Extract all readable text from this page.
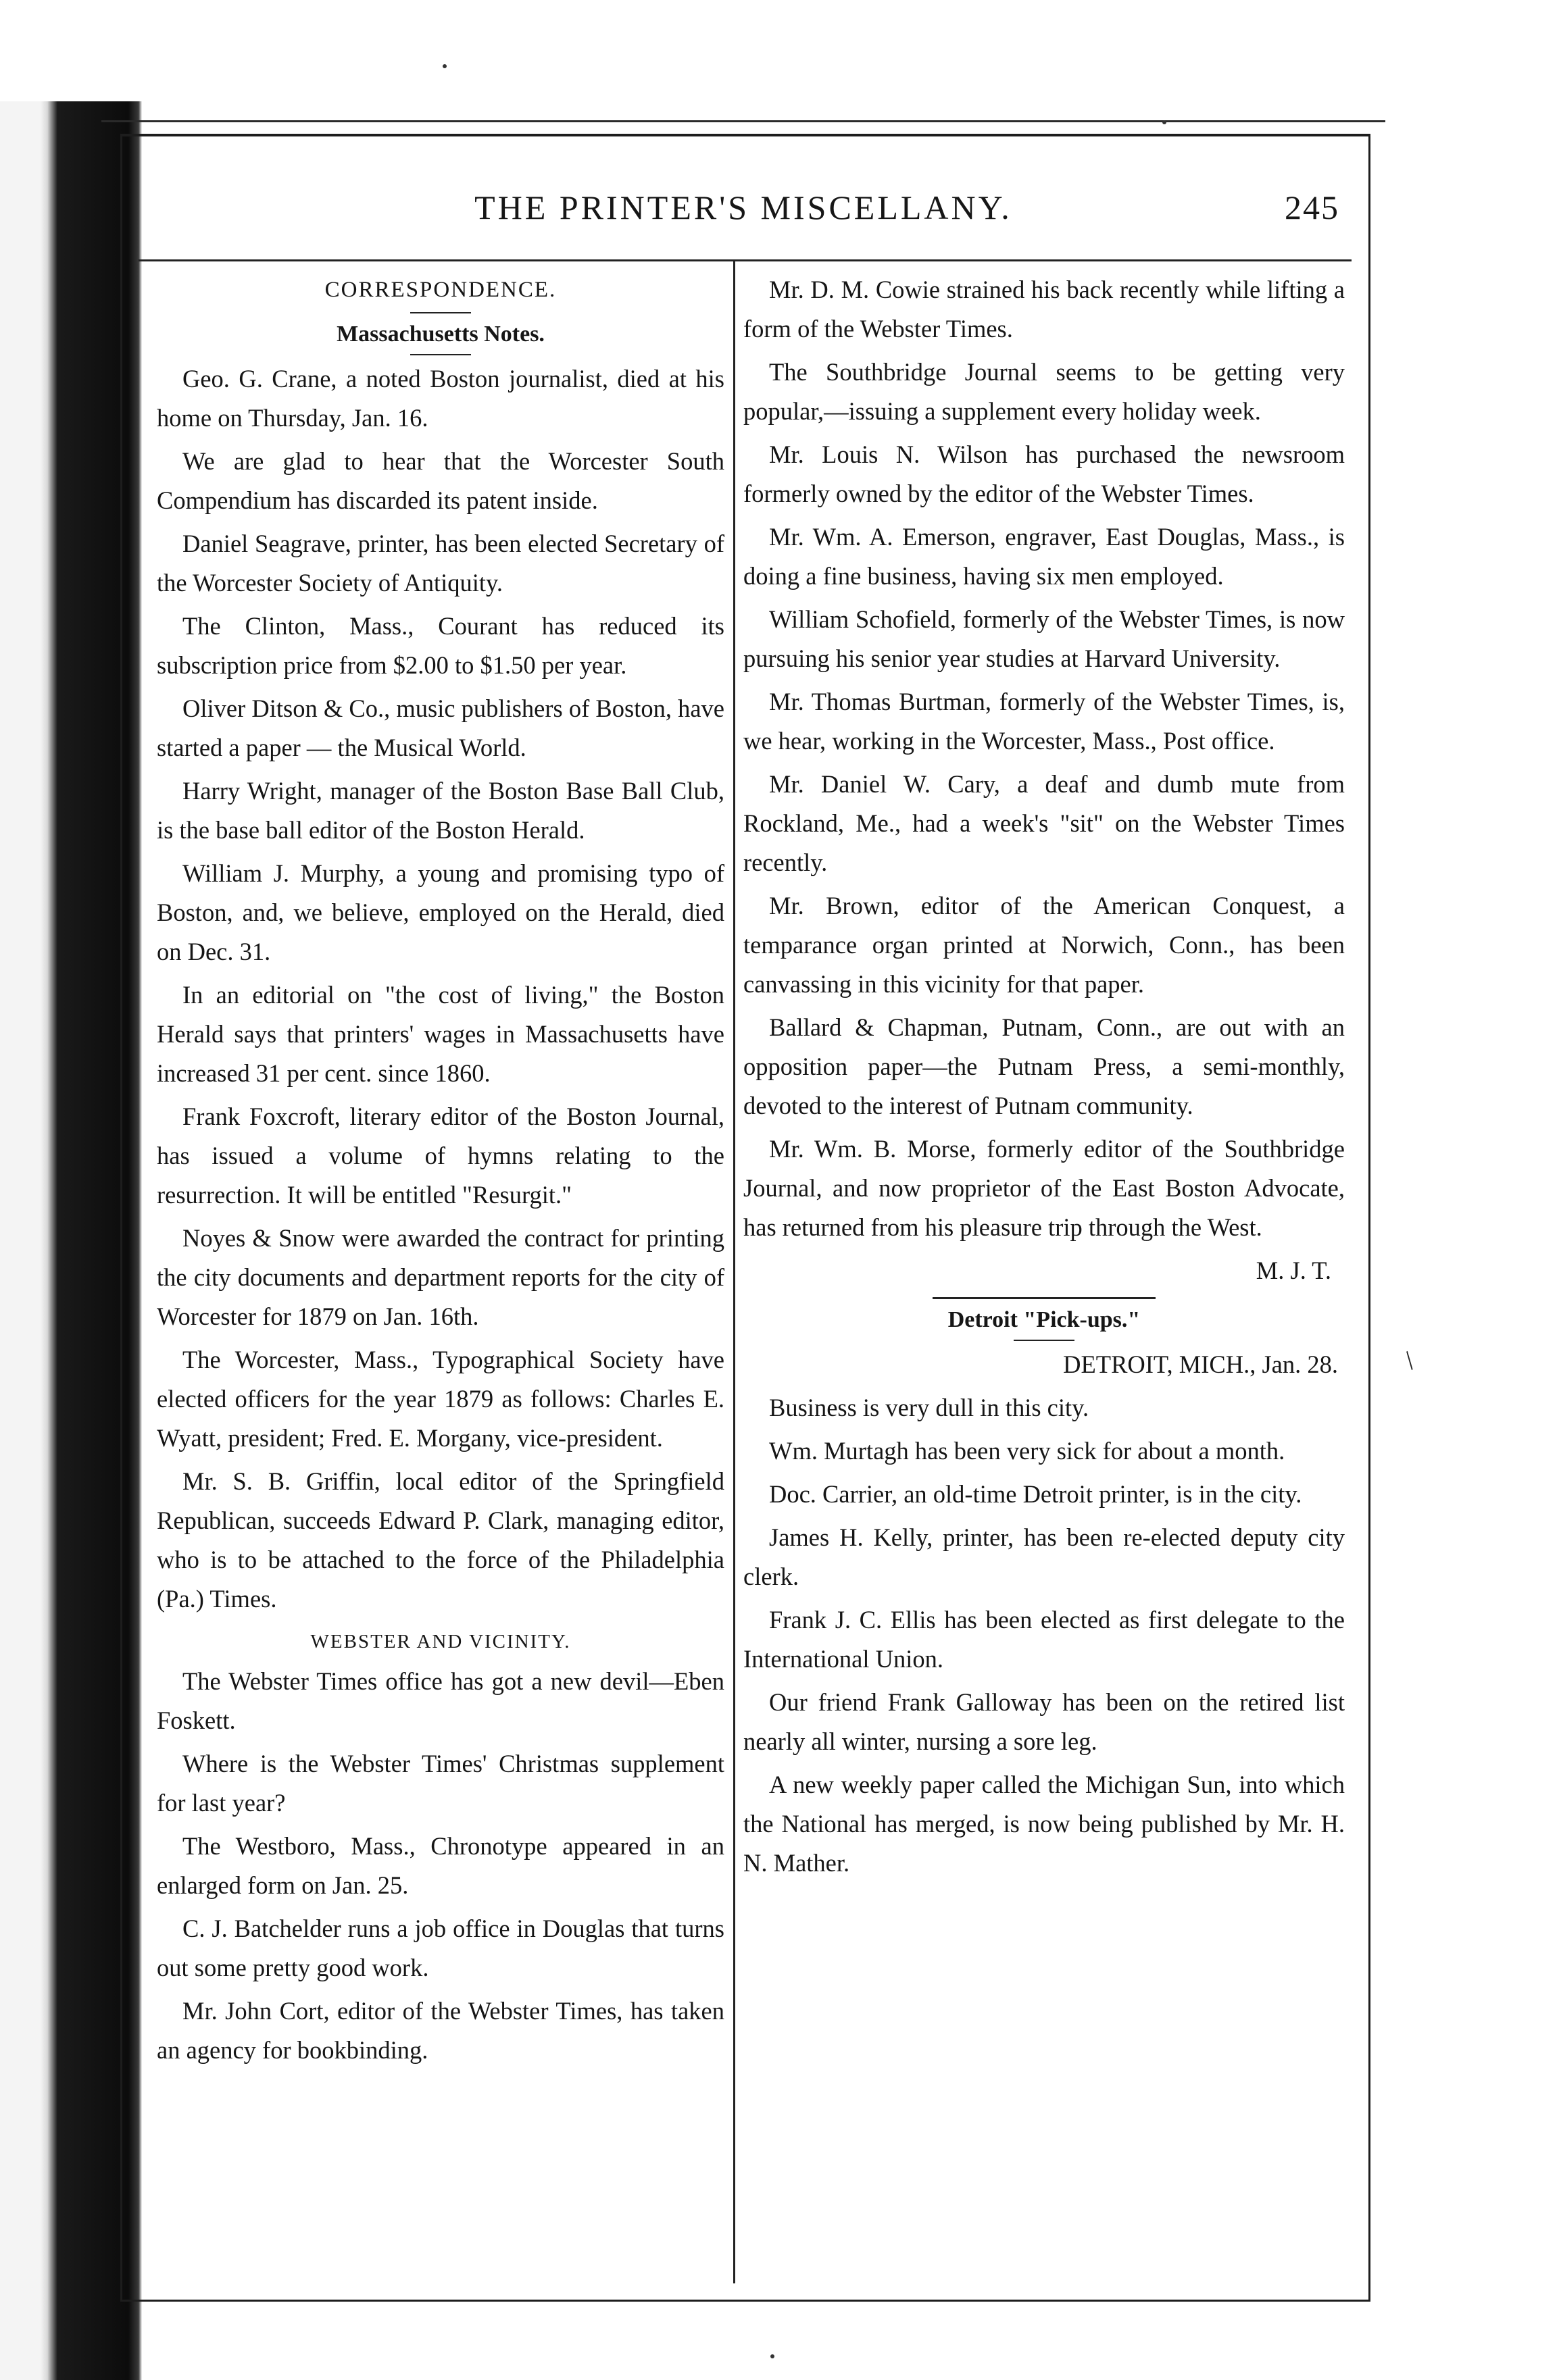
THE PRINTER'S MISCELLANY.	245
CORRESPONDENCE.
Massachusetts Notes.

Geo. G. Crane, a noted Boston journalist, died at his home on Thursday, Jan. 16.

We are glad to hear that the Worcester South Compendium has discarded its patent inside.

Daniel Seagrave, printer, has been elected Secretary of the Worcester Society of Antiquity.

The Clinton, Mass., Courant has reduced its subscription price from $2.00 to $1.50 per year.

Oliver Ditson & Co., music publishers of Boston, have started a paper — the Musical World.

Harry Wright, manager of the Boston Base Ball Club, is the base ball editor of the Boston Herald.

William J. Murphy, a young and promising typo of Boston, and, we believe, employed on the Herald, died on Dec. 31.

In an editorial on "the cost of living," the Boston Herald says that printers' wages in Massachusetts have increased 31 per cent. since 1860.

Frank Foxcroft, literary editor of the Boston Journal, has issued a volume of hymns relating to the resurrection. It will be entitled "Resurgit."

Noyes & Snow were awarded the contract for printing the city documents and department reports for the city of Worcester for 1879 on Jan. 16th.

The Worcester, Mass., Typographical Society have elected officers for the year 1879 as follows: Charles E. Wyatt, president; Fred. E. Morgany, vice-president.

Mr. S. B. Griffin, local editor of the Springfield Republican, succeeds Edward P. Clark, managing editor, who is to be attached to the force of the Philadelphia (Pa.) Times.

WEBSTER AND VICINITY.

The Webster Times office has got a new devil—Eben Foskett.

Where is the Webster Times' Christmas supplement for last year?

The Westboro, Mass., Chronotype appeared in an enlarged form on Jan. 25.

C. J. Batchelder runs a job office in Douglas that turns out some pretty good work.

Mr. John Cort, editor of the Webster Times, has taken an agency for bookbinding.

Mr. D. M. Cowie strained his back recently while lifting a form of the Webster Times.

The Southbridge Journal seems to be getting very popular,—issuing a supplement every holiday week.

Mr. Louis N. Wilson has purchased the newsroom formerly owned by the editor of the Webster Times.

Mr. Wm. A. Emerson, engraver, East Douglas, Mass., is doing a fine business, having six men employed.

William Schofield, formerly of the Webster Times, is now pursuing his senior year studies at Harvard University.

Mr. Thomas Burtman, formerly of the Webster Times, is, we hear, working in the Worcester, Mass., Post office.

Mr. Daniel W. Cary, a deaf and dumb mute from Rockland, Me., had a week's "sit" on the Webster Times recently.

Mr. Brown, editor of the American Conquest, a temparance organ printed at Norwich, Conn., has been canvassing in this vicinity for that paper.

Ballard & Chapman, Putnam, Conn., are out with an opposition paper—the Putnam Press, a semi-monthly, devoted to the interest of Putnam community.

Mr. Wm. B. Morse, formerly editor of the Southbridge Journal, and now proprietor of the East Boston Advocate, has returned from his pleasure trip through the West.

M. J. T.

Detroit "Pick-ups."

DETROIT, MICH., Jan. 28.

Business is very dull in this city.

Wm. Murtagh has been very sick for about a month.

Doc. Carrier, an old-time Detroit printer, is in the city.

James H. Kelly, printer, has been re-elected deputy city clerk.

Frank J. C. Ellis has been elected as first delegate to the International Union.

Our friend Frank Galloway has been on the retired list nearly all winter, nursing a sore leg.

A new weekly paper called the Michigan Sun, into which the National has merged, is now being published by Mr. H. N. Mather.

/
